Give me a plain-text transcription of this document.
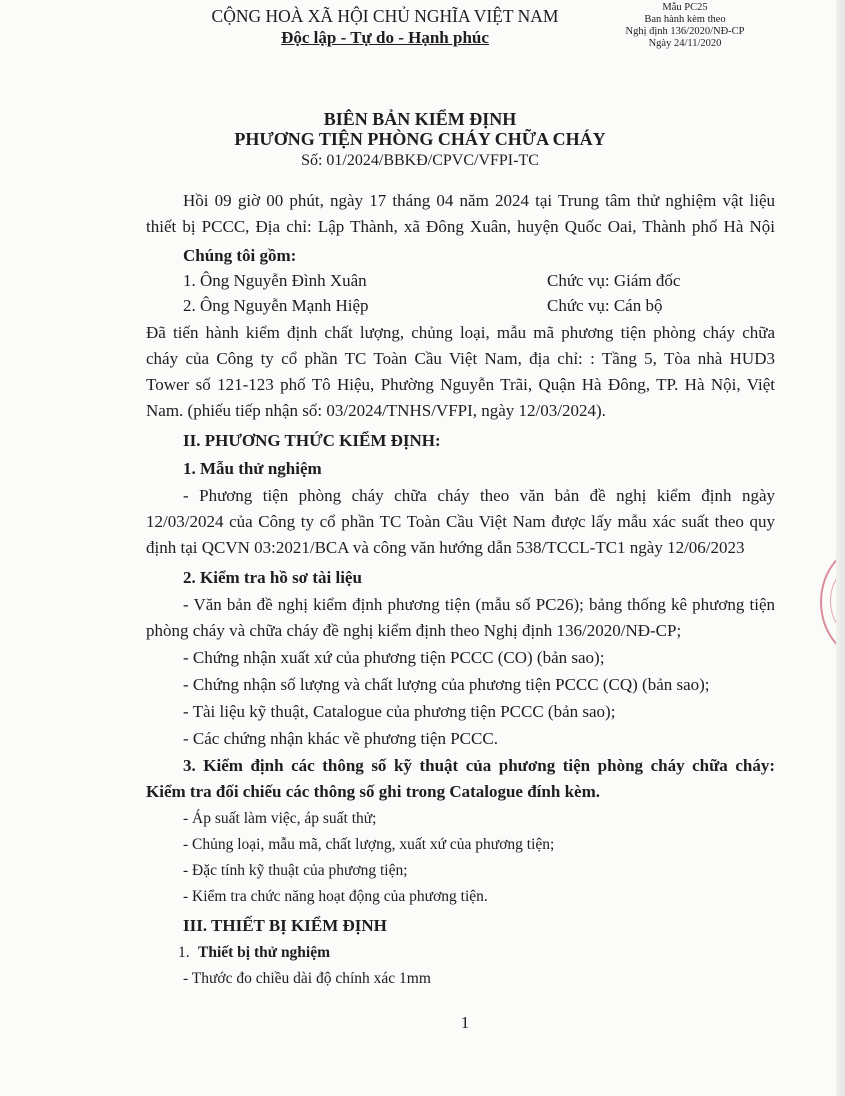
CỘNG HOÀ XÃ HỘI CHỦ NGHĨA VIỆT NAM
Độc lập - Tự do - Hạnh phúc
Mẫu PC25
Ban hành kèm theo
Nghị định 136/2020/NĐ-CP
Ngày 24/11/2020
BIÊN BẢN KIỂM ĐỊNH
PHƯƠNG TIỆN PHÒNG CHÁY CHỮA CHÁY
Số: 01/2024/BBKĐ/CPVC/VFPI-TC
Hồi 09 giờ 00 phút, ngày 17 tháng 04 năm 2024 tại Trung tâm thử nghiệm vật liệu
thiết bị PCCC, Địa chỉ: Lập Thành, xã Đông Xuân, huyện Quốc Oai, Thành phố Hà Nội
Chúng tôi gồm:
1. Ông Nguyễn Đình Xuân	Chức vụ: Giám đốc
2. Ông Nguyễn Mạnh Hiệp	Chức vụ: Cán bộ
Đã tiến hành kiểm định chất lượng, chủng loại, mẫu mã phương tiện phòng cháy chữa
cháy của Công ty cổ phần TC Toàn Cầu Việt Nam, địa chỉ: : Tầng 5, Tòa nhà HUD3
Tower số 121-123 phố Tô Hiệu, Phường Nguyễn Trãi, Quận Hà Đông, TP. Hà Nội, Việt
Nam. (phiếu tiếp nhận số: 03/2024/TNHS/VFPI, ngày 12/03/2024).
II. PHƯƠNG THỨC KIỂM ĐỊNH:
1. Mẫu thử nghiệm
- Phương tiện phòng cháy chữa cháy theo văn bản đề nghị kiểm định ngày
12/03/2024 của Công ty cổ phần TC Toàn Cầu Việt Nam được lấy mẫu xác suất theo quy
định tại QCVN 03:2021/BCA và công văn hướng dẫn 538/TCCL-TC1 ngày 12/06/2023
2. Kiểm tra hồ sơ tài liệu
- Văn bản đề nghị kiểm định phương tiện (mẫu số PC26); bảng thống kê phương tiện
phòng cháy và chữa cháy đề nghị kiểm định theo Nghị định 136/2020/NĐ-CP;
- Chứng nhận xuất xứ của phương tiện PCCC (CO) (bản sao);
- Chứng nhận số lượng và chất lượng của phương tiện PCCC (CQ) (bản sao);
- Tài liệu kỹ thuật, Catalogue của phương tiện PCCC (bản sao);
- Các chứng nhận khác về phương tiện PCCC.
3. Kiểm định các thông số kỹ thuật của phương tiện phòng cháy chữa cháy:
Kiểm tra đối chiếu các thông số ghi trong Catalogue đính kèm.
- Áp suất làm việc, áp suất thử;
- Chủng loại, mẫu mã, chất lượng, xuất xứ của phương tiện;
- Đặc tính kỹ thuật của phương tiện;
- Kiểm tra chức năng hoạt động của phương tiện.
III. THIẾT BỊ KIỂM ĐỊNH
1. Thiết bị thử nghiệm
- Thước đo chiều dài độ chính xác 1mm
1
